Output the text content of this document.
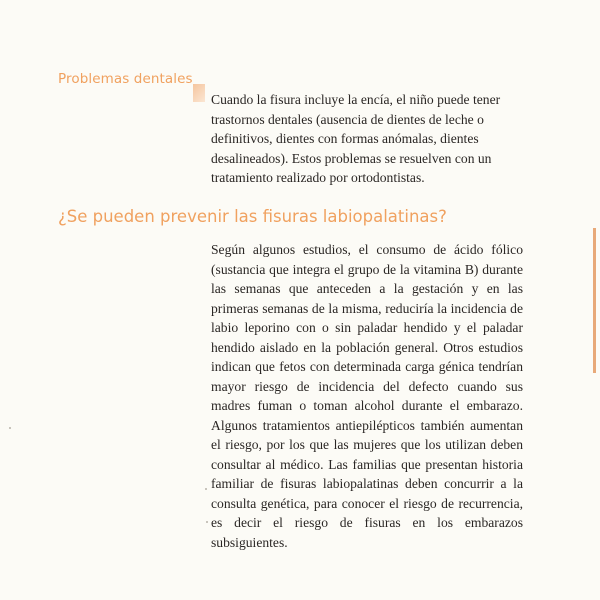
Problemas dentales

Cuando la fisura incluye la encía, el niño puede tener trastornos dentales (ausencia de dientes de leche o definitivos, dientes con formas anómalas, dientes desalineados). Estos problemas se resuelven con un tratamiento realizado por ortodontistas.

¿Se pueden prevenir las fisuras labiopalatinas?

Según algunos estudios, el consumo de ácido fólico (sustancia que integra el grupo de la vitamina B) durante las semanas que anteceden a la gestación y en las primeras semanas de la misma, reduciría la incidencia de labio leporino con o sin paladar hendido y el paladar hendido aislado en la población general. Otros estudios indican que fetos con determinada carga génica tendrían mayor riesgo de incidencia del defecto cuando sus madres fuman o toman alcohol durante el embarazo. Algunos tratamientos antiepilépticos también aumentan el riesgo, por los que las mujeres que los utilizan deben consultar al médico. Las familias que presentan historia familiar de fisuras labiopalatinas deben concurrir a la consulta genética, para conocer el riesgo de recurrencia, es decir el riesgo de fisuras en los embarazos subsiguientes.
